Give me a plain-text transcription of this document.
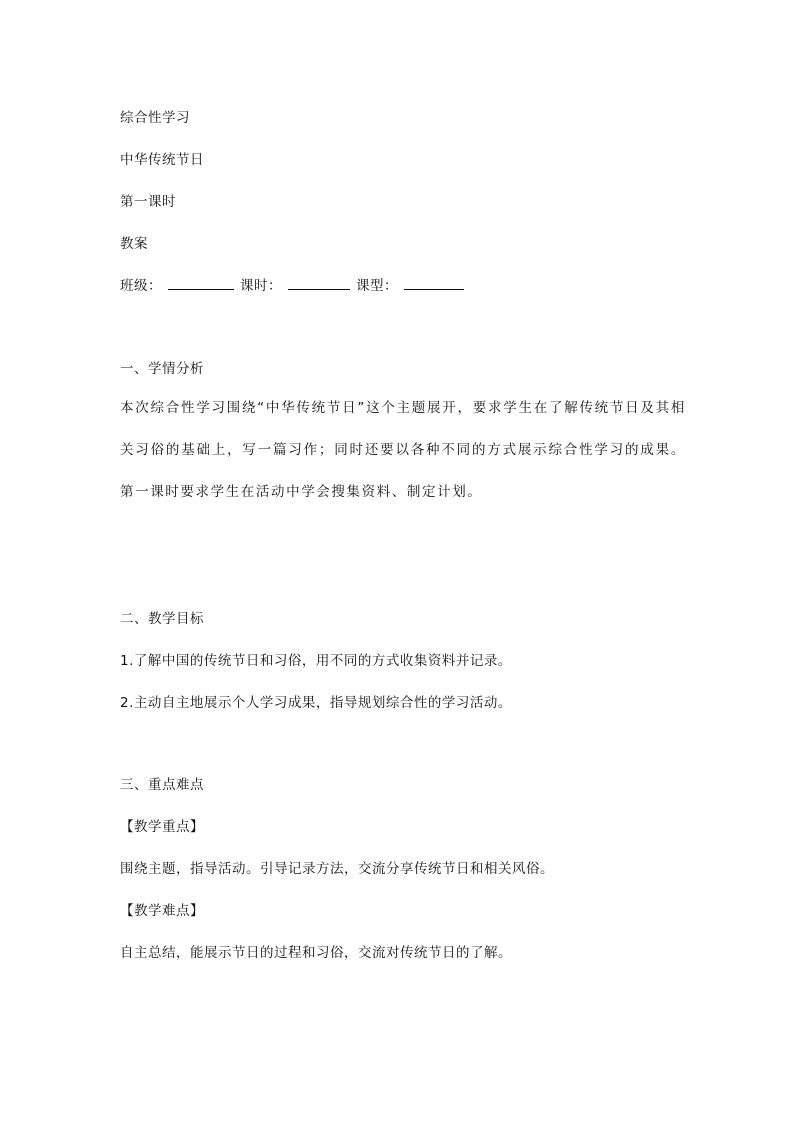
综合性学习
中华传统节日
第一课时
教案
班级：	课时：	课型：
一、学情分析
本次综合性学习围绕“中华传统节日”这个主题展开，要求学生在了解传统节日及其相关习俗的基础上，写一篇习作；同时还要以各种不同的方式展示综合性学习的成果。第一课时要求学生在活动中学会搜集资料、制定计划。
二、教学目标
1.了解中国的传统节日和习俗，用不同的方式收集资料并记录。
2.主动自主地展示个人学习成果，指导规划综合性的学习活动。
三、重点难点
【教学重点】
围绕主题，指导活动。引导记录方法，交流分享传统节日和相关风俗。
【教学难点】
自主总结，能展示节日的过程和习俗，交流对传统节日的了解。
